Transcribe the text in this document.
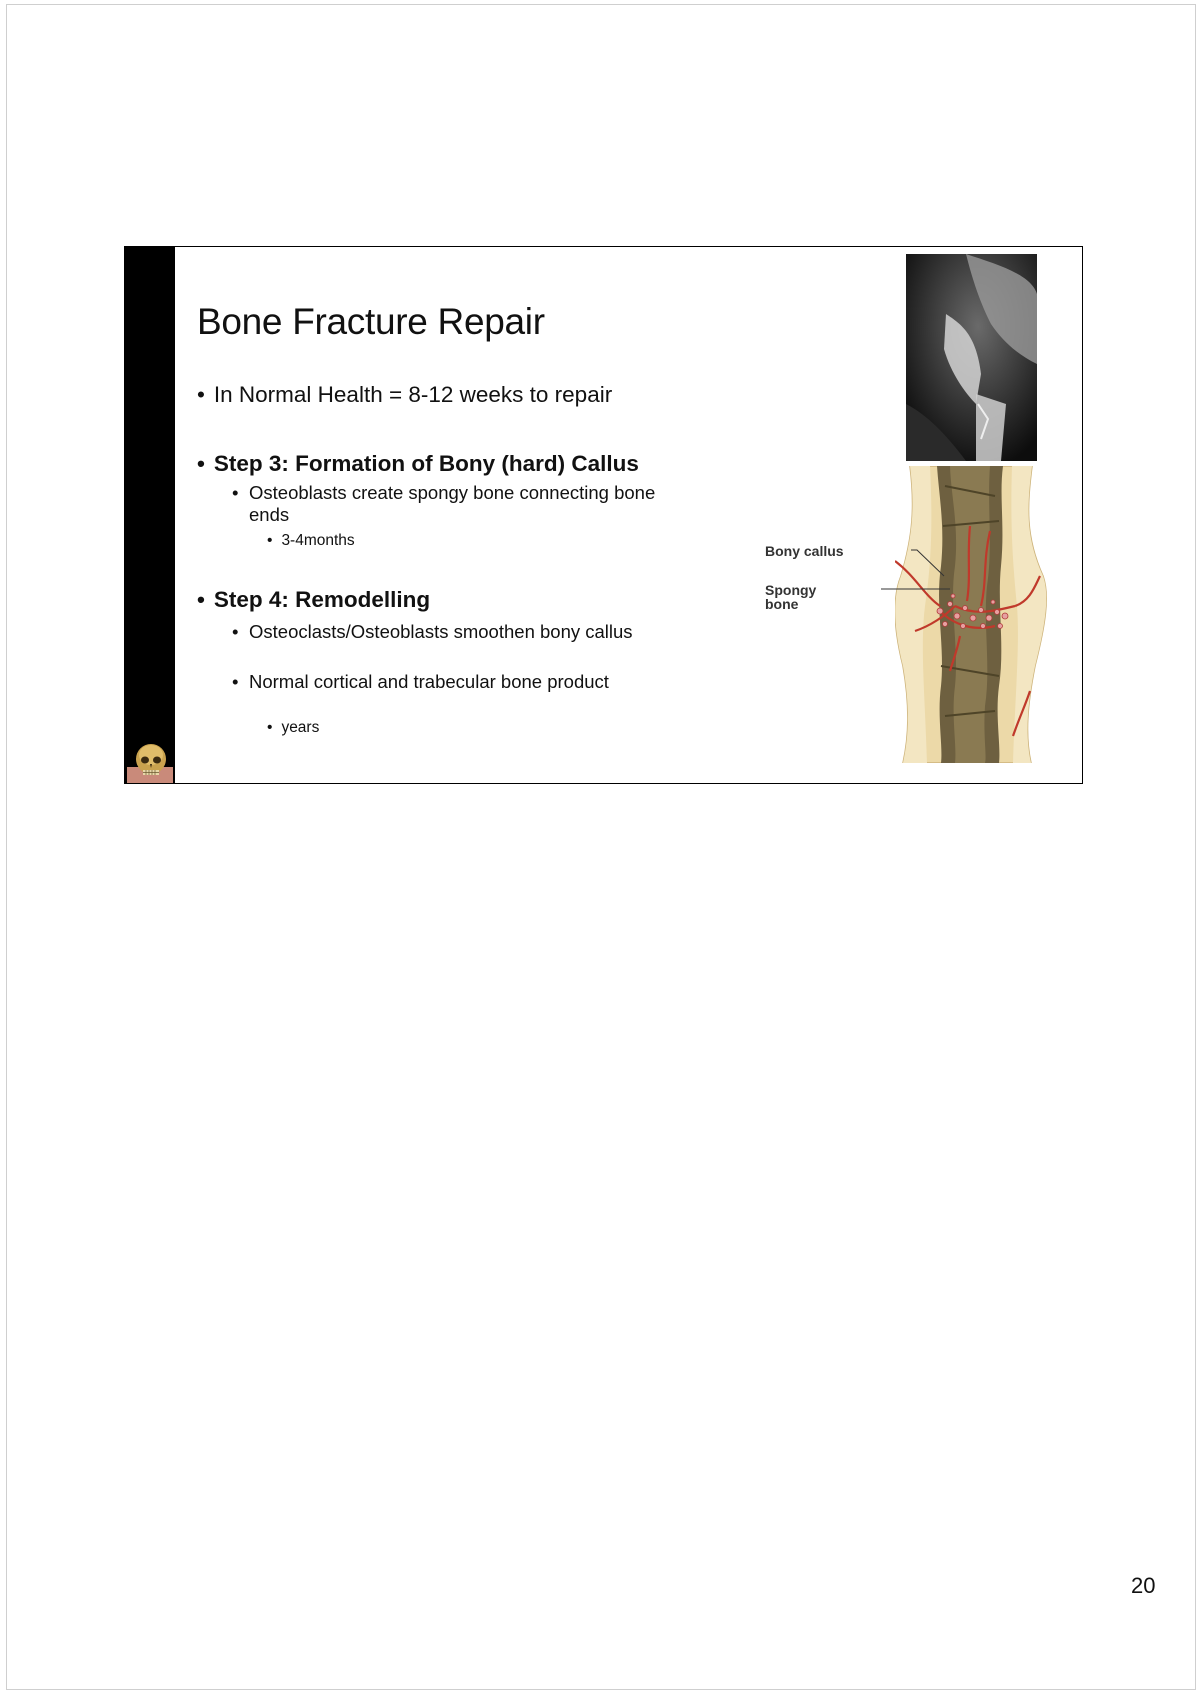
Bone Fracture Repair
• In Normal Health = 8-12 weeks to repair
• Step 3: Formation of Bony (hard) Callus
• Osteoblasts create spongy bone connecting bone ends
• 3-4months
• Step 4: Remodelling
• Osteoclasts/Osteoblasts smoothen bony callus
• Normal cortical and trabecular bone product
• years
Bony callus
Spongy
bone
20
